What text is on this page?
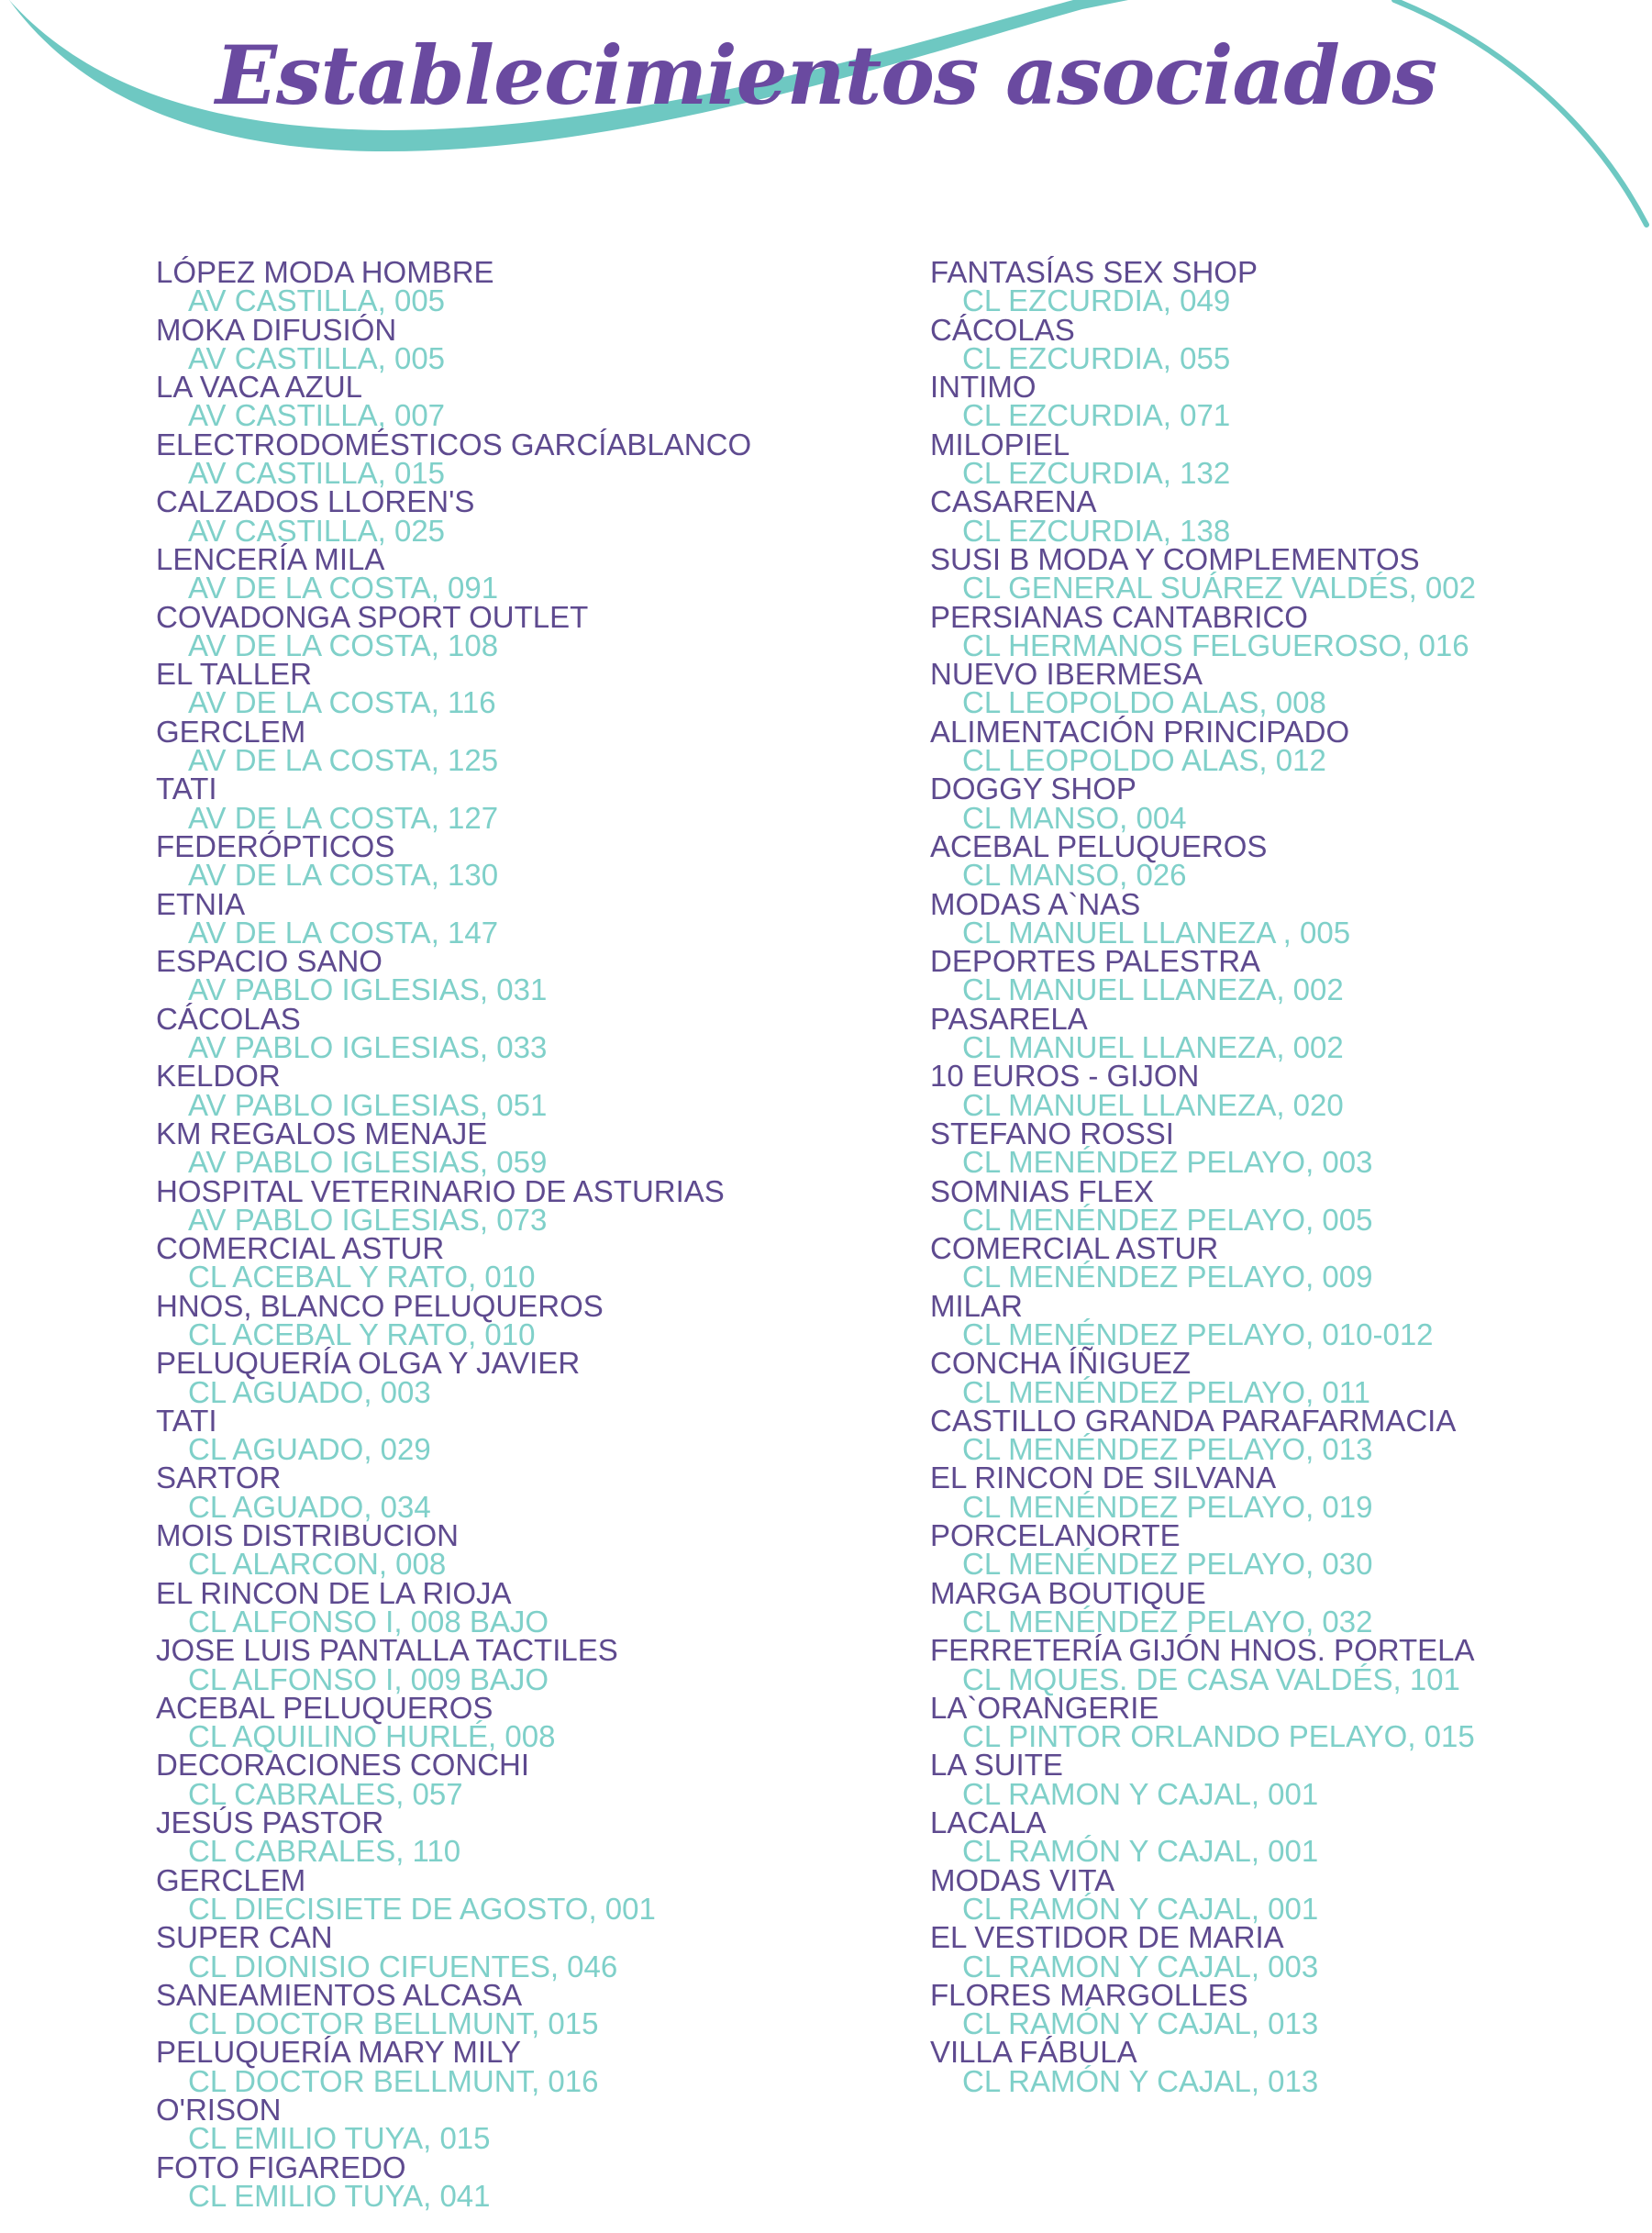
Establecimientos asociados
LÓPEZ MODA HOMBRE
AV CASTILLA, 005
MOKA DIFUSIÓN
AV CASTILLA, 005
LA VACA AZUL
AV CASTILLA, 007
ELECTRODOMÉSTICOS GARCÍABLANCO
AV CASTILLA, 015
CALZADOS LLOREN'S
AV CASTILLA, 025
LENCERÍA MILA
AV DE LA COSTA, 091
COVADONGA SPORT OUTLET
AV DE LA COSTA, 108
EL TALLER
AV DE LA COSTA, 116
GERCLEM
AV DE LA COSTA, 125
TATI
AV DE LA COSTA, 127
FEDERÓPTICOS
AV DE LA COSTA, 130
ETNIA
AV DE LA COSTA, 147
ESPACIO SANO
AV PABLO IGLESIAS, 031
CÁCOLAS
AV PABLO IGLESIAS, 033
KELDOR
AV PABLO IGLESIAS, 051
KM REGALOS MENAJE
AV PABLO IGLESIAS, 059
HOSPITAL VETERINARIO DE ASTURIAS
AV PABLO IGLESIAS, 073
COMERCIAL ASTUR
CL ACEBAL Y RATO, 010
HNOS, BLANCO PELUQUEROS
CL ACEBAL Y RATO, 010
PELUQUERÍA OLGA Y JAVIER
CL AGUADO, 003
TATI
CL AGUADO, 029
SARTOR
CL AGUADO, 034
MOIS DISTRIBUCION
CL ALARCON, 008
EL RINCON DE LA RIOJA
CL ALFONSO I, 008 BAJO
JOSE LUIS PANTALLA TACTILES
CL ALFONSO I, 009 BAJO
ACEBAL PELUQUEROS
CL AQUILINO HURLÉ, 008
DECORACIONES CONCHI
CL CABRALES, 057
JESÚS PASTOR
CL CABRALES, 110
GERCLEM
CL DIECISIETE DE AGOSTO, 001
SUPER CAN
CL DIONISIO CIFUENTES, 046
SANEAMIENTOS ALCASA
CL DOCTOR BELLMUNT, 015
PELUQUERÍA MARY MILY
CL DOCTOR BELLMUNT, 016
O'RISON
CL EMILIO TUYA, 015
FOTO FIGAREDO
CL EMILIO TUYA, 041
FANTASÍAS SEX SHOP
CL EZCURDIA, 049
CÁCOLAS
CL EZCURDIA, 055
INTIMO
CL EZCURDIA, 071
MILOPIEL
CL EZCURDIA, 132
CASARENA
CL EZCURDIA, 138
SUSI B MODA Y COMPLEMENTOS
CL GENERAL SUÁREZ VALDÉS, 002
PERSIANAS CANTABRICO
CL HERMANOS FELGUEROSO, 016
NUEVO IBERMESA
CL LEOPOLDO ALAS, 008
ALIMENTACIÓN PRINCIPADO
CL LEOPOLDO ALAS, 012
DOGGY SHOP
CL MANSO, 004
ACEBAL PELUQUEROS
CL MANSO, 026
MODAS A`NAS
CL MANUEL LLANEZA , 005
DEPORTES PALESTRA
CL MANUEL LLANEZA, 002
PASARELA
CL MANUEL LLANEZA, 002
10 EUROS - GIJON
CL MANUEL LLANEZA, 020
STEFANO ROSSI
CL MENÉNDEZ PELAYO, 003
SOMNIAS FLEX
CL MENÉNDEZ PELAYO, 005
COMERCIAL ASTUR
CL MENÉNDEZ PELAYO, 009
MILAR
CL MENÉNDEZ PELAYO, 010-012
CONCHA ÍÑIGUEZ
CL MENÉNDEZ PELAYO, 011
CASTILLO GRANDA PARAFARMACIA
CL MENÉNDEZ PELAYO, 013
EL RINCON DE SILVANA
CL MENÉNDEZ PELAYO, 019
PORCELANORTE
CL MENÉNDEZ PELAYO, 030
MARGA BOUTIQUE
CL MENÉNDEZ PELAYO, 032
FERRETERÍA GIJÓN HNOS. PORTELA
CL MQUES. DE CASA VALDÉS, 101
LA`ORANGERIE
CL PINTOR ORLANDO PELAYO, 015
LA SUITE
CL RAMON Y CAJAL, 001
LACALA
CL RAMÓN Y CAJAL, 001
MODAS VITA
CL RAMÓN Y CAJAL, 001
EL VESTIDOR DE MARIA
CL RAMON Y CAJAL, 003
FLORES MARGOLLES
CL RAMÓN Y CAJAL, 013
VILLA FÁBULA
CL RAMÓN Y CAJAL, 013
